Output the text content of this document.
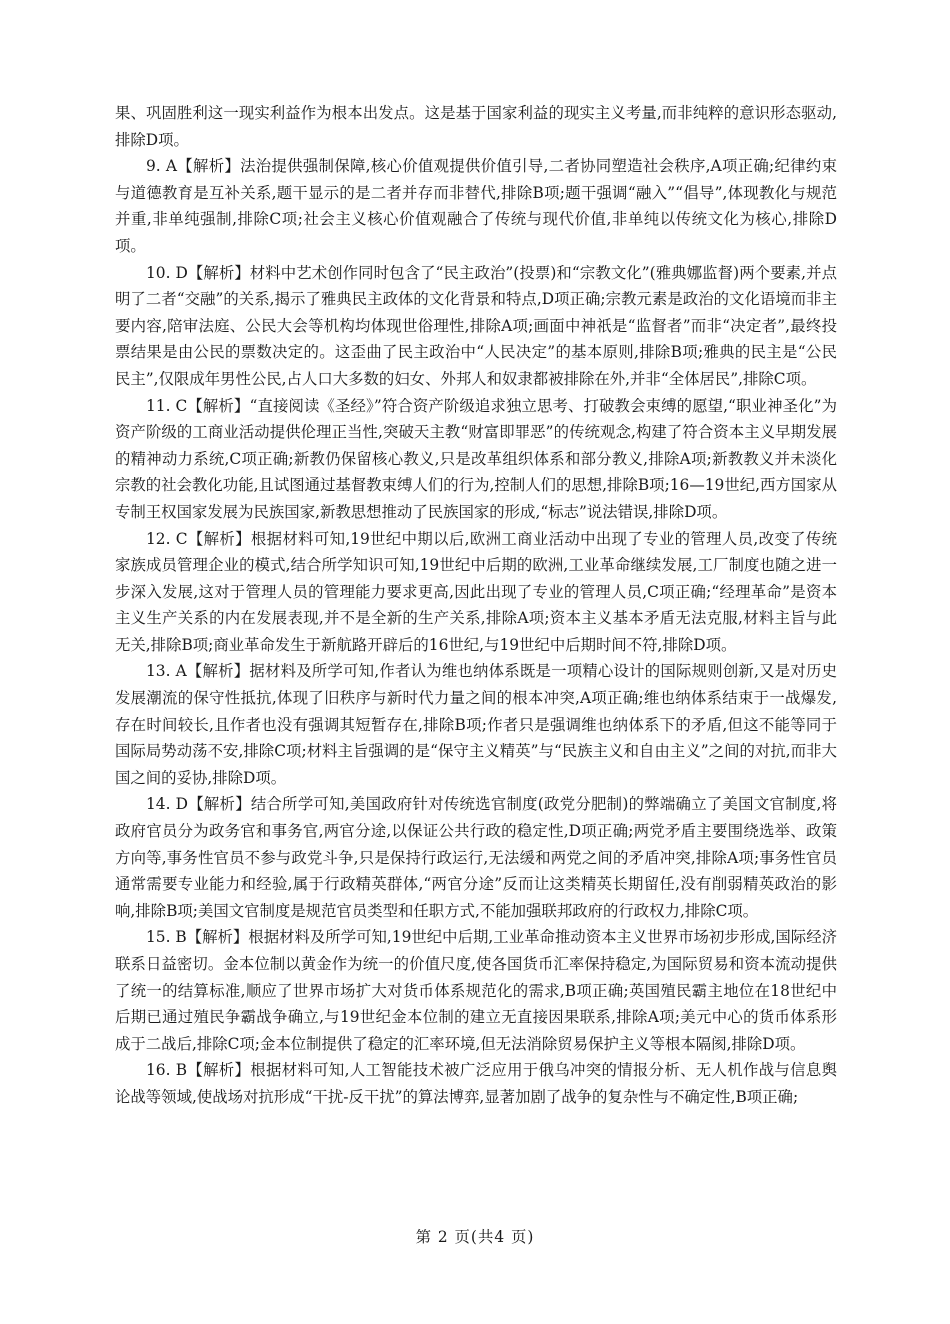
果、巩固胜利这一现实利益作为根本出发点。这是基于国家利益的现实主义考量,而非纯粹的意识形态驱动,排除D项。

9. A【解析】法治提供强制保障,核心价值观提供价值引导,二者协同塑造社会秩序,A项正确;纪律约束与道德教育是互补关系,题干显示的是二者并存而非替代,排除B项;题干强调“融入”“倡导”,体现教化与规范并重,非单纯强制,排除C项;社会主义核心价值观融合了传统与现代价值,非单纯以传统文化为核心,排除D项。

10. D【解析】材料中艺术创作同时包含了“民主政治”(投票)和“宗教文化”(雅典娜监督)两个要素,并点明了二者“交融”的关系,揭示了雅典民主政体的文化背景和特点,D项正确;宗教元素是政治的文化语境而非主要内容,陪审法庭、公民大会等机构均体现世俗理性,排除A项;画面中神祇是“监督者”而非“决定者”,最终投票结果是由公民的票数决定的。这歪曲了民主政治中“人民决定”的基本原则,排除B项;雅典的民主是“公民民主”,仅限成年男性公民,占人口大多数的妇女、外邦人和奴隶都被排除在外,并非“全体居民”,排除C项。

11. C【解析】“直接阅读《圣经》”符合资产阶级追求独立思考、打破教会束缚的愿望,“职业神圣化”为资产阶级的工商业活动提供伦理正当性,突破天主教“财富即罪恶”的传统观念,构建了符合资本主义早期发展的精神动力系统,C项正确;新教仍保留核心教义,只是改革组织体系和部分教义,排除A项;新教教义并未淡化宗教的社会教化功能,且试图通过基督教束缚人们的行为,控制人们的思想,排除B项;16—19世纪,西方国家从专制王权国家发展为民族国家,新教思想推动了民族国家的形成,“标志”说法错误,排除D项。

12. C【解析】根据材料可知,19世纪中期以后,欧洲工商业活动中出现了专业的管理人员,改变了传统家族成员管理企业的模式,结合所学知识可知,19世纪中后期的欧洲,工业革命继续发展,工厂制度也随之进一步深入发展,这对于管理人员的管理能力要求更高,因此出现了专业的管理人员,C项正确;“经理革命”是资本主义生产关系的内在发展表现,并不是全新的生产关系,排除A项;资本主义基本矛盾无法克服,材料主旨与此无关,排除B项;商业革命发生于新航路开辟后的16世纪,与19世纪中后期时间不符,排除D项。

13. A【解析】据材料及所学可知,作者认为维也纳体系既是一项精心设计的国际规则创新,又是对历史发展潮流的保守性抵抗,体现了旧秩序与新时代力量之间的根本冲突,A项正确;维也纳体系结束于一战爆发,存在时间较长,且作者也没有强调其短暂存在,排除B项;作者只是强调维也纳体系下的矛盾,但这不能等同于国际局势动荡不安,排除C项;材料主旨强调的是“保守主义精英”与“民族主义和自由主义”之间的对抗,而非大国之间的妥协,排除D项。

14. D【解析】结合所学可知,美国政府针对传统选官制度(政党分肥制)的弊端确立了美国文官制度,将政府官员分为政务官和事务官,两官分途,以保证公共行政的稳定性,D项正确;两党矛盾主要围绕选举、政策方向等,事务性官员不参与政党斗争,只是保持行政运行,无法缓和两党之间的矛盾冲突,排除A项;事务性官员通常需要专业能力和经验,属于行政精英群体,“两官分途”反而让这类精英长期留任,没有削弱精英政治的影响,排除B项;美国文官制度是规范官员类型和任职方式,不能加强联邦政府的行政权力,排除C项。

15. B【解析】根据材料及所学可知,19世纪中后期,工业革命推动资本主义世界市场初步形成,国际经济联系日益密切。金本位制以黄金作为统一的价值尺度,使各国货币汇率保持稳定,为国际贸易和资本流动提供了统一的结算标准,顺应了世界市场扩大对货币体系规范化的需求,B项正确;英国殖民霸主地位在18世纪中后期已通过殖民争霸战争确立,与19世纪金本位制的建立无直接因果联系,排除A项;美元中心的货币体系形成于二战后,排除C项;金本位制提供了稳定的汇率环境,但无法消除贸易保护主义等根本隔阂,排除D项。

16. B【解析】根据材料可知,人工智能技术被广泛应用于俄乌冲突的情报分析、无人机作战与信息舆论战等领域,使战场对抗形成“干扰-反干扰”的算法博弈,显著加剧了战争的复杂性与不确定性,B项正确;

第 2 页(共4 页)
